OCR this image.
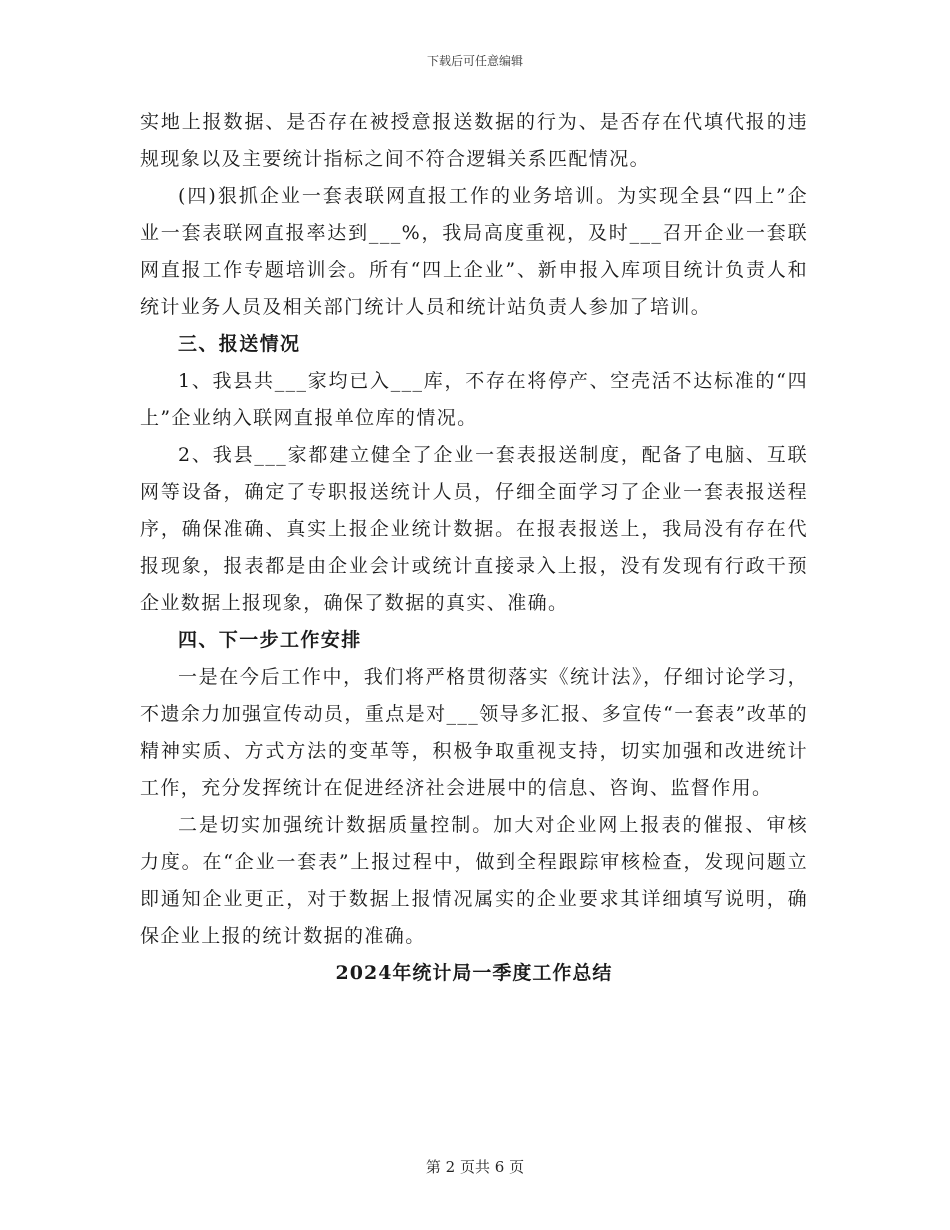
下载后可任意编辑

实地上报数据、是否存在被授意报送数据的行为、是否存在代填代报的违规现象以及主要统计指标之间不符合逻辑关系匹配情况。

(四)狠抓企业一套表联网直报工作的业务培训。为实现全县“四上”企业一套表联网直报率达到___%，我局高度重视，及时___召开企业一套联网直报工作专题培训会。所有“四上企业”、新申报入库项目统计负责人和统计业务人员及相关部门统计人员和统计站负责人参加了培训。

三、报送情况

1、我县共___家均已入___库，不存在将停产、空壳活不达标准的“四上”企业纳入联网直报单位库的情况。

2、我县___家都建立健全了企业一套表报送制度，配备了电脑、互联网等设备，确定了专职报送统计人员，仔细全面学习了企业一套表报送程序，确保准确、真实上报企业统计数据。在报表报送上，我局没有存在代报现象，报表都是由企业会计或统计直接录入上报，没有发现有行政干预企业数据上报现象，确保了数据的真实、准确。

四、下一步工作安排

一是在今后工作中，我们将严格贯彻落实《统计法》，仔细讨论学习，不遗余力加强宣传动员，重点是对___领导多汇报、多宣传“一套表”改革的精神实质、方式方法的变革等，积极争取重视支持，切实加强和改进统计工作，充分发挥统计在促进经济社会进展中的信息、咨询、监督作用。

二是切实加强统计数据质量控制。加大对企业网上报表的催报、审核力度。在“企业一套表”上报过程中，做到全程跟踪审核检查，发现问题立即通知企业更正，对于数据上报情况属实的企业要求其详细填写说明，确保企业上报的统计数据的准确。

2024年统计局一季度工作总结

第 2 页共 6 页
